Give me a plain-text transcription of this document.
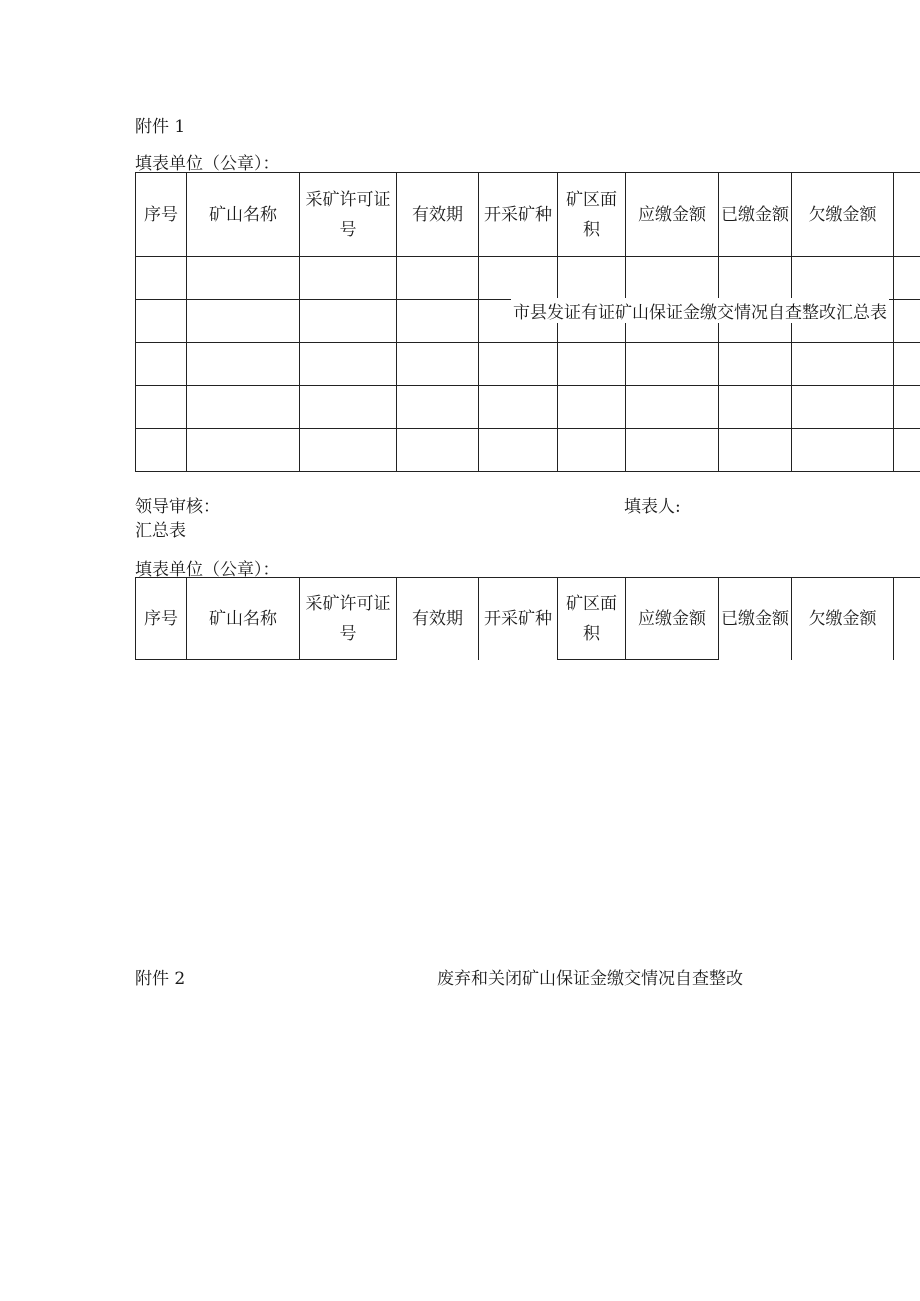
附件 1
填表单位（公章）：
序号	矿山名称	采矿许可证号	有效期	开采矿种	矿区面积	应缴金额	已缴金额	欠缴金额	

市县发证有证矿山保证金缴交情况自查整改汇总表
领导审核：	填表人:
汇总表
填表单位（公章）：
序号	矿山名称	采矿许可证号	有效期	开采矿种	矿区面积	应缴金额	已缴金额	欠缴金额	
附件 2	废弃和关闭矿山保证金缴交情况自查整改
